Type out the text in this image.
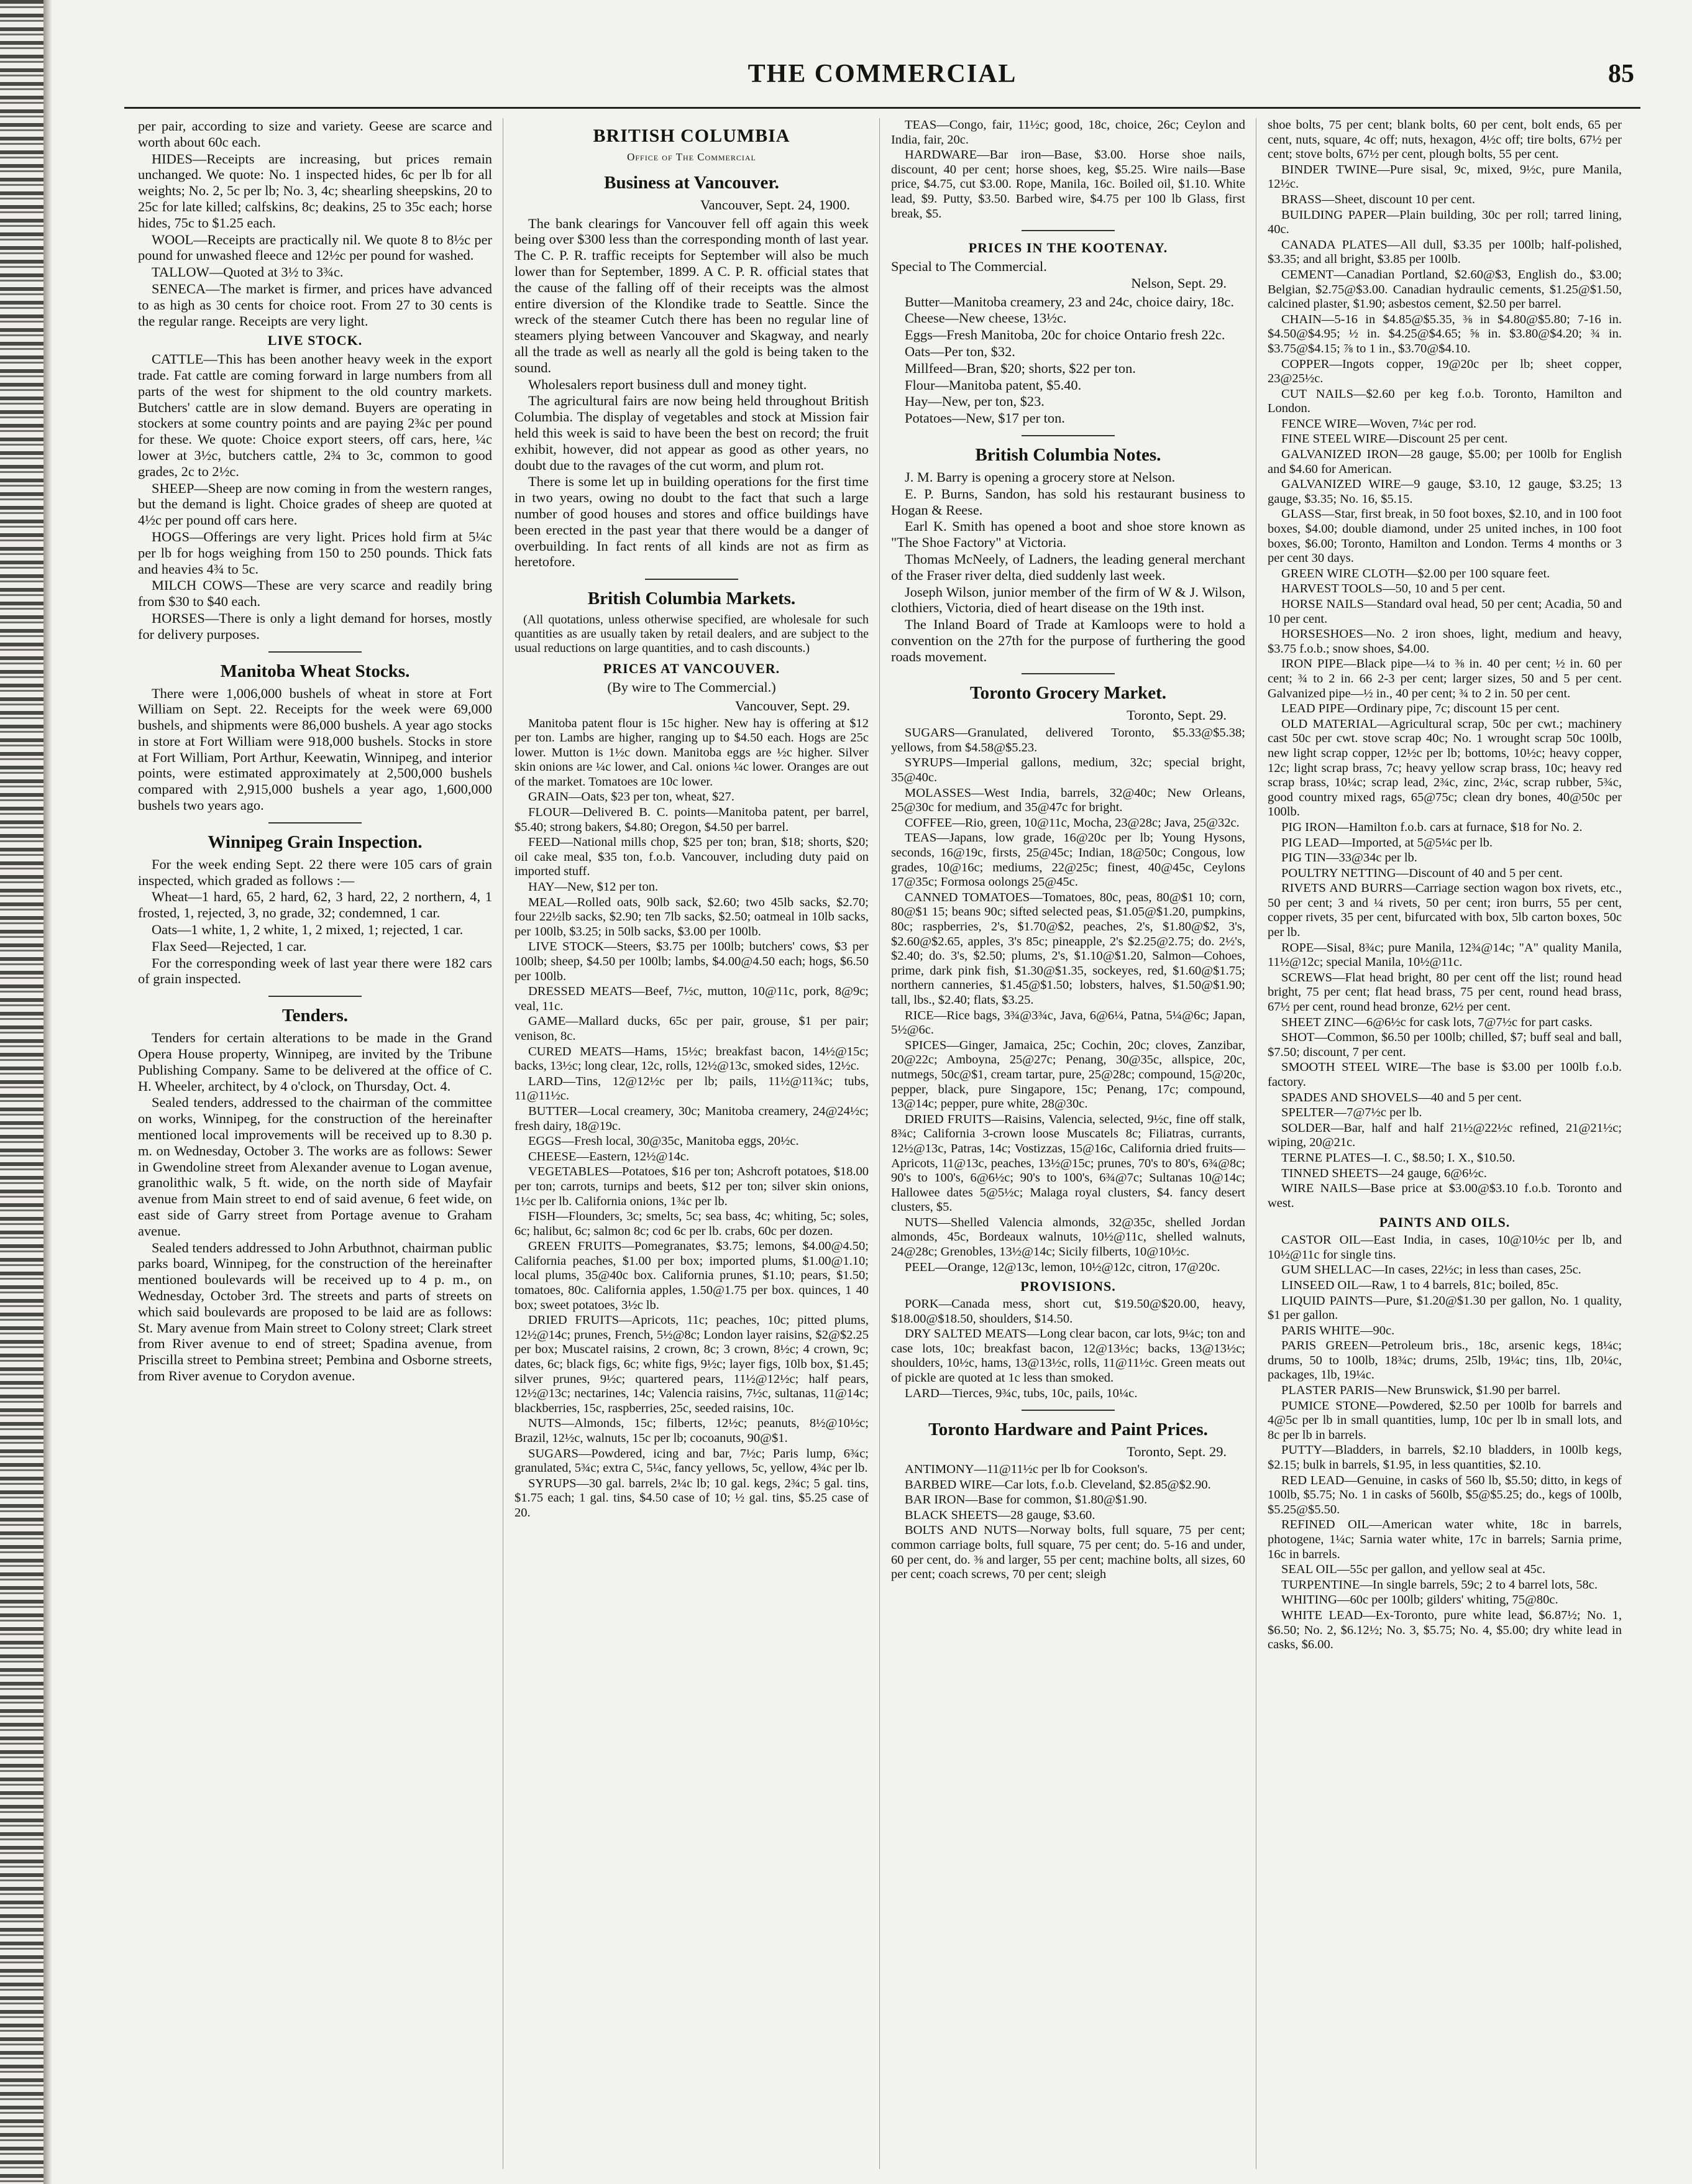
THE COMMERCIAL	85

per pair, according to size and variety. Geese are scarce and worth about 60c each.

HIDES—Receipts are increasing, but prices remain unchanged. We quote: No. 1 inspected hides, 6c per lb for all weights; No. 2, 5c per lb; No. 3, 4c; shearling sheepskins, 20 to 25c for late killed; calfskins, 8c; deakins, 25 to 35c each; horse hides, 75c to $1.25 each.

WOOL—Receipts are practically nil. We quote 8 to 8½c per pound for unwashed fleece and 12½c per pound for washed.

TALLOW—Quoted at 3½ to 3¾c.

SENECA—The market is firmer, and prices have advanced to as high as 30 cents for choice root. From 27 to 30 cents is the regular range. Receipts are very light.

LIVE STOCK.

CATTLE—This has been another heavy week in the export trade. Fat cattle are coming forward in large numbers from all parts of the west for shipment to the old country markets. Butchers' cattle are in slow demand. Buyers are operating in stockers at some country points and are paying 2¾c per pound for these. We quote: Choice export steers, off cars, here, ¼c lower at 3½c, butchers cattle, 2¾ to 3c, common to good grades, 2c to 2½c.

SHEEP—Sheep are now coming in from the western ranges, but the demand is light. Choice grades of sheep are quoted at 4½c per pound off cars here.

HOGS—Offerings are very light. Prices hold firm at 5¼c per lb for hogs weighing from 150 to 250 pounds. Thick fats and heavies 4¾ to 5c.

MILCH COWS—These are very scarce and readily bring from $30 to $40 each.

HORSES—There is only a light demand for horses, mostly for delivery purposes.

Manitoba Wheat Stocks.

There were 1,006,000 bushels of wheat in store at Fort William on Sept. 22. Receipts for the week were 69,000 bushels, and shipments were 86,000 bushels. A year ago stocks in store at Fort William were 918,000 bushels. Stocks in store at Fort William, Port Arthur, Keewatin, Winnipeg, and interior points, were estimated approximately at 2,500,000 bushels compared with 2,915,000 bushels a year ago, 1,600,000 bushels two years ago.

Winnipeg Grain Inspection.

For the week ending Sept. 22 there were 105 cars of grain inspected, which graded as follows :—

Wheat—1 hard, 65, 2 hard, 62, 3 hard, 22, 2 northern, 4, 1 frosted, 1, rejected, 3, no grade, 32; condemned, 1 car.

Oats—1 white, 1, 2 white, 1, 2 mixed, 1; rejected, 1 car.

Flax Seed—Rejected, 1 car.

For the corresponding week of last year there were 182 cars of grain inspected.

Tenders.

Tenders for certain alterations to be made in the Grand Opera House property, Winnipeg, are invited by the Tribune Publishing Company. Same to be delivered at the office of C. H. Wheeler, architect, by 4 o'clock, on Thursday, Oct. 4.

Sealed tenders, addressed to the chairman of the committee on works, Winnipeg, for the construction of the hereinafter mentioned local improvements will be received up to 8.30 p. m. on Wednesday, October 3. The works are as follows: Sewer in Gwendoline street from Alexander avenue to Logan avenue, granolithic walk, 5 ft. wide, on the north side of Mayfair avenue from Main street to end of said avenue, 6 feet wide, on east side of Garry street from Portage avenue to Graham avenue.

Sealed tenders addressed to John Arbuthnot, chairman public parks board, Winnipeg, for the construction of the hereinafter mentioned boulevards will be received up to 4 p. m., on Wednesday, October 3rd. The streets and parts of streets on which said boulevards are proposed to be laid are as follows: St. Mary avenue from Main street to Colony street; Clark street from River avenue to end of street; Spadina avenue, from Priscilla street to Pembina street; Pembina and Osborne streets, from River avenue to Corydon avenue.

BRITISH COLUMBIA
Office of The Commercial
Business at Vancouver.
Vancouver, Sept. 24, 1900.

The bank clearings for Vancouver fell off again this week being over $300 less than the corresponding month of last year. The C. P. R. traffic receipts for September will also be much lower than for September, 1899. A C. P. R. official states that the cause of the falling off of their receipts was the almost entire diversion of the Klondike trade to Seattle. Since the wreck of the steamer Cutch there has been no regular line of steamers plying between Vancouver and Skagway, and nearly all the trade as well as nearly all the gold is being taken to the sound.

Wholesalers report business dull and money tight.

The agricultural fairs are now being held throughout British Columbia. The display of vegetables and stock at Mission fair held this week is said to have been the best on record; the fruit exhibit, however, did not appear as good as other years, no doubt due to the ravages of the cut worm, and plum rot.

There is some let up in building operations for the first time in two years, owing no doubt to the fact that such a large number of good houses and stores and office buildings have been erected in the past year that there would be a danger of overbuilding. In fact rents of all kinds are not as firm as heretofore.

British Columbia Markets.
(All quotations, unless otherwise specified, are wholesale for such quantities as are usually taken by retail dealers, and are subject to the usual reductions on large quantities, and to cash discounts.)
PRICES AT VANCOUVER.
(By wire to The Commercial.)
Vancouver, Sept. 29.

Manitoba patent flour is 15c higher. New hay is offering at $12 per ton. Lambs are higher, ranging up to $4.50 each. Hogs are 25c lower. Mutton is 1½c down. Manitoba eggs are ½c higher. Silver skin onions are ¼c lower, and Cal. onions ¼c lower. Oranges are out of the market. Tomatoes are 10c lower.

GRAIN—Oats, $23 per ton, wheat, $27.

FLOUR—Delivered B. C. points—Manitoba patent, per barrel, $5.40; strong bakers, $4.80; Oregon, $4.50 per barrel.

FEED—National mills chop, $25 per ton; bran, $18; shorts, $20; oil cake meal, $35 ton, f.o.b. Vancouver, including duty paid on imported stuff.

HAY—New, $12 per ton.

MEAL—Rolled oats, 90lb sack, $2.60; two 45lb sacks, $2.70; four 22½lb sacks, $2.90; ten 7lb sacks, $2.50; oatmeal in 10lb sacks, per 100lb, $3.25; in 50lb sacks, $3.00 per 100lb.

LIVE STOCK—Steers, $3.75 per 100lb; butchers' cows, $3 per 100lb; sheep, $4.50 per 100lb; lambs, $4.00@4.50 each; hogs, $6.50 per 100lb.

DRESSED MEATS—Beef, 7½c, mutton, 10@11c, pork, 8@9c; veal, 11c.

GAME—Mallard ducks, 65c per pair, grouse, $1 per pair; venison, 8c.

CURED MEATS—Hams, 15½c; breakfast bacon, 14½@15c; backs, 13½c; long clear, 12c, rolls, 12½@13c, smoked sides, 12½c.

LARD—Tins, 12@12½c per lb; pails, 11½@11¾c; tubs, 11@11½c.

BUTTER—Local creamery, 30c; Manitoba creamery, 24@24½c; fresh dairy, 18@19c.

EGGS—Fresh local, 30@35c, Manitoba eggs, 20½c.

CHEESE—Eastern, 12½@14c.

VEGETABLES—Potatoes, $16 per ton; Ashcroft potatoes, $18.00 per ton; carrots, turnips and beets, $12 per ton; silver skin onions, 1½c per lb. California onions, 1¾c per lb.

FISH—Flounders, 3c; smelts, 5c; sea bass, 4c; whiting, 5c; soles, 6c; halibut, 6c; salmon 8c; cod 6c per lb. crabs, 60c per dozen.

GREEN FRUITS—Pomegranates, $3.75; lemons, $4.00@4.50; California peaches, $1.00 per box; imported plums, $1.00@1.10; local plums, 35@40c box. California prunes, $1.10; pears, $1.50; tomatoes, 80c. California apples, 1.50@1.75 per box. quinces, 1 40 box; sweet potatoes, 3½c lb.

DRIED FRUITS—Apricots, 11c; peaches, 10c; pitted plums, 12½@14c; prunes, French, 5½@8c; London layer raisins, $2@$2.25 per box; Muscatel raisins, 2 crown, 8c; 3 crown, 8½c; 4 crown, 9c; dates, 6c; black figs, 6c; white figs, 9½c; layer figs, 10lb box, $1.45; silver prunes, 9½c; quartered pears, 11½@12½c; half pears, 12½@13c; nectarines, 14c; Valencia raisins, 7½c, sultanas, 11@14c; blackberries, 15c, raspberries, 25c, seeded raisins, 10c.

NUTS—Almonds, 15c; filberts, 12½c; peanuts, 8½@10½c; Brazil, 12½c, walnuts, 15c per lb; cocoanuts, 90@$1.

SUGARS—Powdered, icing and bar, 7½c; Paris lump, 6¾c; granulated, 5¾c; extra C, 5¼c, fancy yellows, 5c, yellow, 4¾c per lb.

SYRUPS—30 gal. barrels, 2¼c lb; 10 gal. kegs, 2¾c; 5 gal. tins, $1.75 each; 1 gal. tins, $4.50 case of 10; ½ gal. tins, $5.25 case of 20.

TEAS—Congo, fair, 11½c; good, 18c, choice, 26c; Ceylon and India, fair, 20c.

HARDWARE—Bar iron—Base, $3.00. Horse shoe nails, discount, 40 per cent; horse shoes, keg, $5.25. Wire nails—Base price, $4.75, cut $3.00. Rope, Manila, 16c. Boiled oil, $1.10. White lead, $9. Putty, $3.50. Barbed wire, $4.75 per 100 lb Glass, first break, $5.

PRICES IN THE KOOTENAY.

Special to The Commercial.

Nelson, Sept. 29.

Butter—Manitoba creamery, 23 and 24c, choice dairy, 18c.

Cheese—New cheese, 13½c.

Eggs—Fresh Manitoba, 20c for choice Ontario fresh 22c.

Oats—Per ton, $32.

Millfeed—Bran, $20; shorts, $22 per ton.

Flour—Manitoba patent, $5.40.

Hay—New, per ton, $23.

Potatoes—New, $17 per ton.

British Columbia Notes.

J. M. Barry is opening a grocery store at Nelson.

E. P. Burns, Sandon, has sold his restaurant business to Hogan & Reese.

Earl K. Smith has opened a boot and shoe store known as "The Shoe Factory" at Victoria.

Thomas McNeely, of Ladners, the leading general merchant of the Fraser river delta, died suddenly last week.

Joseph Wilson, junior member of the firm of W & J. Wilson, clothiers, Victoria, died of heart disease on the 19th inst.

The Inland Board of Trade at Kamloops were to hold a convention on the 27th for the purpose of furthering the good roads movement.

Toronto Grocery Market.
Toronto, Sept. 29.

SUGARS—Granulated, delivered Toronto, $5.33@$5.38; yellows, from $4.58@$5.23.

SYRUPS—Imperial gallons, medium, 32c; special bright, 35@40c.

MOLASSES—West India, barrels, 32@40c; New Orleans, 25@30c for medium, and 35@47c for bright.

COFFEE—Rio, green, 10@11c, Mocha, 23@28c; Java, 25@32c.

TEAS—Japans, low grade, 16@20c per lb; Young Hysons, seconds, 16@19c, firsts, 25@45c; Indian, 18@50c; Congous, low grades, 10@16c; mediums, 22@25c; finest, 40@45c, Ceylons 17@35c; Formosa oolongs 25@45c.

CANNED TOMATOES—Tomatoes, 80c, peas, 80@$1 10; corn, 80@$1 15; beans 90c; sifted selected peas, $1.05@$1.20, pumpkins, 80c; raspberries, 2's, $1.70@$2, peaches, 2's, $1.80@$2, 3's, $2.60@$2.65, apples, 3's 85c; pineapple, 2's $2.25@2.75; do. 2½'s, $2.40; do. 3's, $2.50; plums, 2's, $1.10@$1.20, Salmon—Cohoes, prime, dark pink fish, $1.30@$1.35, sockeyes, red, $1.60@$1.75; northern canneries, $1.45@$1.50; lobsters, halves, $1.50@$1.90; tall, lbs., $2.40; flats, $3.25.

RICE—Rice bags, 3¾@3¾c, Java, 6@6¼, Patna, 5¼@6c; Japan, 5½@6c.

SPICES—Ginger, Jamaica, 25c; Cochin, 20c; cloves, Zanzibar, 20@22c; Amboyna, 25@27c; Penang, 30@35c, allspice, 20c, nutmegs, 50c@$1, cream tartar, pure, 25@28c; compound, 15@20c, pepper, black, pure Singapore, 15c; Penang, 17c; compound, 13@14c; pepper, pure white, 28@30c.

DRIED FRUITS—Raisins, Valencia, selected, 9½c, fine off stalk, 8¾c; California 3-crown loose Muscatels 8c; Filiatras, currants, 12½@13c, Patras, 14c; Vostizzas, 15@16c, California dried fruits—Apricots, 11@13c, peaches, 13½@15c; prunes, 70's to 80's, 6¾@8c; 90's to 100's, 6@6½c; 90's to 100's, 6¾@7c; Sultanas 10@14c; Hallowee dates 5@5½c; Malaga royal clusters, $4. fancy desert clusters, $5.

NUTS—Shelled Valencia almonds, 32@35c, shelled Jordan almonds, 45c, Bordeaux walnuts, 10½@11c, shelled walnuts, 24@28c; Grenobles, 13½@14c; Sicily filberts, 10@10½c.

PEEL—Orange, 12@13c, lemon, 10½@12c, citron, 17@20c.

PROVISIONS.

PORK—Canada mess, short cut, $19.50@$20.00, heavy, $18.00@$18.50, shoulders, $14.50.

DRY SALTED MEATS—Long clear bacon, car lots, 9¼c; ton and case lots, 10c; breakfast bacon, 12@13½c; backs, 13@13½c; shoulders, 10½c, hams, 13@13½c, rolls, 11@11½c. Green meats out of pickle are quoted at 1c less than smoked.

LARD—Tierces, 9¾c, tubs, 10c, pails, 10¼c.

Toronto Hardware and Paint Prices.
Toronto, Sept. 29.

ANTIMONY—11@11½c per lb for Cookson's.

BARBED WIRE—Car lots, f.o.b. Cleveland, $2.85@$2.90.

BAR IRON—Base for common, $1.80@$1.90.

BLACK SHEETS—28 gauge, $3.60.

BOLTS AND NUTS—Norway bolts, full square, 75 per cent; common carriage bolts, full square, 75 per cent; do. 5-16 and under, 60 per cent, do. ⅜ and larger, 55 per cent; machine bolts, all sizes, 60 per cent; coach screws, 70 per cent; sleigh

shoe bolts, 75 per cent; blank bolts, 60 per cent, bolt ends, 65 per cent, nuts, square, 4c off; nuts, hexagon, 4½c off; tire bolts, 67½ per cent; stove bolts, 67½ per cent, plough bolts, 55 per cent.

BINDER TWINE—Pure sisal, 9c, mixed, 9½c, pure Manila, 12½c.

BRASS—Sheet, discount 10 per cent.

BUILDING PAPER—Plain building, 30c per roll; tarred lining, 40c.

CANADA PLATES—All dull, $3.35 per 100lb; half-polished, $3.35; and all bright, $3.85 per 100lb.

CEMENT—Canadian Portland, $2.60@$3, English do., $3.00; Belgian, $2.75@$3.00. Canadian hydraulic cements, $1.25@$1.50, calcined plaster, $1.90; asbestos cement, $2.50 per barrel.

CHAIN—5-16 in $4.85@$5.35, ⅜ in $4.80@$5.80; 7-16 in. $4.50@$4.95; ½ in. $4.25@$4.65; ⅝ in. $3.80@$4.20; ¾ in. $3.75@$4.15; ⅞ to 1 in., $3.70@$4.10.

COPPER—Ingots copper, 19@20c per lb; sheet copper, 23@25½c.

CUT NAILS—$2.60 per keg f.o.b. Toronto, Hamilton and London.

FENCE WIRE—Woven, 7¼c per rod.

FINE STEEL WIRE—Discount 25 per cent.

GALVANIZED IRON—28 gauge, $5.00; per 100lb for English and $4.60 for American.

GALVANIZED WIRE—9 gauge, $3.10, 12 gauge, $3.25; 13 gauge, $3.35; No. 16, $5.15.

GLASS—Star, first break, in 50 foot boxes, $2.10, and in 100 foot boxes, $4.00; double diamond, under 25 united inches, in 100 foot boxes, $6.00; Toronto, Hamilton and London. Terms 4 months or 3 per cent 30 days.

GREEN WIRE CLOTH—$2.00 per 100 square feet.

HARVEST TOOLS—50, 10 and 5 per cent.

HORSE NAILS—Standard oval head, 50 per cent; Acadia, 50 and 10 per cent.

HORSESHOES—No. 2 iron shoes, light, medium and heavy, $3.75 f.o.b.; snow shoes, $4.00.

IRON PIPE—Black pipe—¼ to ⅜ in. 40 per cent; ½ in. 60 per cent; ¾ to 2 in. 66 2-3 per cent; larger sizes, 50 and 5 per cent. Galvanized pipe—½ in., 40 per cent; ¾ to 2 in. 50 per cent.

LEAD PIPE—Ordinary pipe, 7c; discount 15 per cent.

OLD MATERIAL—Agricultural scrap, 50c per cwt.; machinery cast 50c per cwt. stove scrap 40c; No. 1 wrought scrap 50c 100lb, new light scrap copper, 12½c per lb; bottoms, 10½c; heavy copper, 12c; light scrap brass, 7c; heavy yellow scrap brass, 10c; heavy red scrap brass, 10¼c; scrap lead, 2¾c, zinc, 2¼c, scrap rubber, 5¾c, good country mixed rags, 65@75c; clean dry bones, 40@50c per 100lb.

PIG IRON—Hamilton f.o.b. cars at furnace, $18 for No. 2.

PIG LEAD—Imported, at 5@5¼c per lb.

PIG TIN—33@34c per lb.

POULTRY NETTING—Discount of 40 and 5 per cent.

RIVETS AND BURRS—Carriage section wagon box rivets, etc., 50 per cent; 3 and ¼ rivets, 50 per cent; iron burrs, 55 per cent, copper rivets, 35 per cent, bifurcated with box, 5lb carton boxes, 50c per lb.

ROPE—Sisal, 8¾c; pure Manila, 12¾@14c; "A" quality Manila, 11½@12c; special Manila, 10½@11c.

SCREWS—Flat head bright, 80 per cent off the list; round head bright, 75 per cent; flat head brass, 75 per cent, round head brass, 67½ per cent, round head bronze, 62½ per cent.

SHEET ZINC—6@6½c for cask lots, 7@7½c for part casks.

SHOT—Common, $6.50 per 100lb; chilled, $7; buff seal and ball, $7.50; discount, 7 per cent.

SMOOTH STEEL WIRE—The base is $3.00 per 100lb f.o.b. factory.

SPADES AND SHOVELS—40 and 5 per cent.

SPELTER—7@7½c per lb.

SOLDER—Bar, half and half 21½@22½c refined, 21@21½c; wiping, 20@21c.

TERNE PLATES—I. C., $8.50; I. X., $10.50.

TINNED SHEETS—24 gauge, 6@6½c.

WIRE NAILS—Base price at $3.00@$3.10 f.o.b. Toronto and west.

PAINTS AND OILS.

CASTOR OIL—East India, in cases, 10@10½c per lb, and 10½@11c for single tins.

GUM SHELLAC—In cases, 22½c; in less than cases, 25c.

LINSEED OIL—Raw, 1 to 4 barrels, 81c; boiled, 85c.

LIQUID PAINTS—Pure, $1.20@$1.30 per gallon, No. 1 quality, $1 per gallon.

PARIS WHITE—90c.

PARIS GREEN—Petroleum bris., 18c, arsenic kegs, 18¼c; drums, 50 to 100lb, 18¾c; drums, 25lb, 19¼c; tins, 1lb, 20¼c, packages, 1lb, 19¼c.

PLASTER PARIS—New Brunswick, $1.90 per barrel.

PUMICE STONE—Powdered, $2.50 per 100lb for barrels and 4@5c per lb in small quantities, lump, 10c per lb in small lots, and 8c per lb in barrels.

PUTTY—Bladders, in barrels, $2.10 bladders, in 100lb kegs, $2.15; bulk in barrels, $1.95, in less quantities, $2.10.

RED LEAD—Genuine, in casks of 560 lb, $5.50; ditto, in kegs of 100lb, $5.75; No. 1 in casks of 560lb, $5@$5.25; do., kegs of 100lb, $5.25@$5.50.

REFINED OIL—American water white, 18c in barrels, photogene, 1¼c; Sarnia water white, 17c in barrels; Sarnia prime, 16c in barrels.

SEAL OIL—55c per gallon, and yellow seal at 45c.

TURPENTINE—In single barrels, 59c; 2 to 4 barrel lots, 58c.

WHITING—60c per 100lb; gilders' whiting, 75@80c.

WHITE LEAD—Ex-Toronto, pure white lead, $6.87½; No. 1, $6.50; No. 2, $6.12½; No. 3, $5.75; No. 4, $5.00; dry white lead in casks, $6.00.
